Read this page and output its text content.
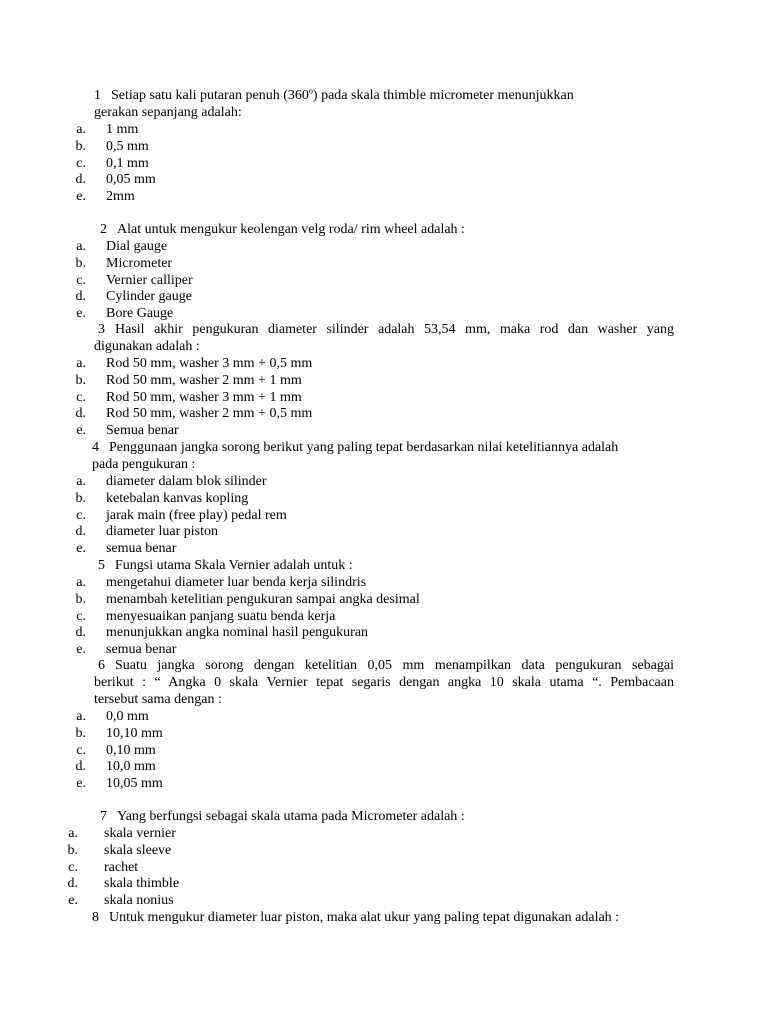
1 Setiap satu kali putaran penuh (360$^o$) pada skala thimble micrometer menunjukkan
gerakan sepanjang adalah:
a. 1 mm
b. 0,5 mm
c. 0,1 mm
d. 0,05 mm
e. 2mm
2 Alat untuk mengukur keolengan velg roda/ rim wheel adalah :
a. Dial gauge
b. Micrometer
c. Vernier calliper
d. Cylinder gauge
e. Bore Gauge
3 Hasil akhir pengukuran diameter silinder adalah 53,54 mm, maka rod dan washer yang
digunakan adalah :
a. Rod 50 mm, washer 3 mm + 0,5 mm
b. Rod 50 mm, washer 2 mm + 1 mm
c. Rod 50 mm, washer 3 mm + 1 mm
d. Rod 50 mm, washer 2 mm + 0,5 mm
e. Semua benar
4 Penggunaan jangka sorong berikut yang paling tepat berdasarkan nilai ketelitiannya adalah
pada pengukuran :
a. diameter dalam blok silinder
b. ketebalan kanvas kopling
c. jarak main (free play) pedal rem
d. diameter luar piston
e. semua benar
5 Fungsi utama Skala Vernier adalah untuk :
a. mengetahui diameter luar benda kerja silindris
b. menambah ketelitian pengukuran sampai angka desimal
c. menyesuaikan panjang suatu benda kerja
d. menunjukkan angka nominal hasil pengukuran
e. semua benar
6 Suatu jangka sorong dengan ketelitian 0,05 mm menampilkan data pengukuran sebagai
berikut : “ Angka 0 skala Vernier tepat segaris dengan angka 10 skala utama “. Pembacaan
tersebut sama dengan :
a. 0,0 mm
b. 10,10 mm
c. 0,10 mm
d. 10,0 mm
e. 10,05 mm
7 Yang berfungsi sebagai skala utama pada Micrometer adalah :
a. skala vernier
b. skala sleeve
c. rachet
d. skala thimble
e. skala nonius
8 Untuk mengukur diameter luar piston, maka alat ukur yang paling tepat digunakan adalah :
